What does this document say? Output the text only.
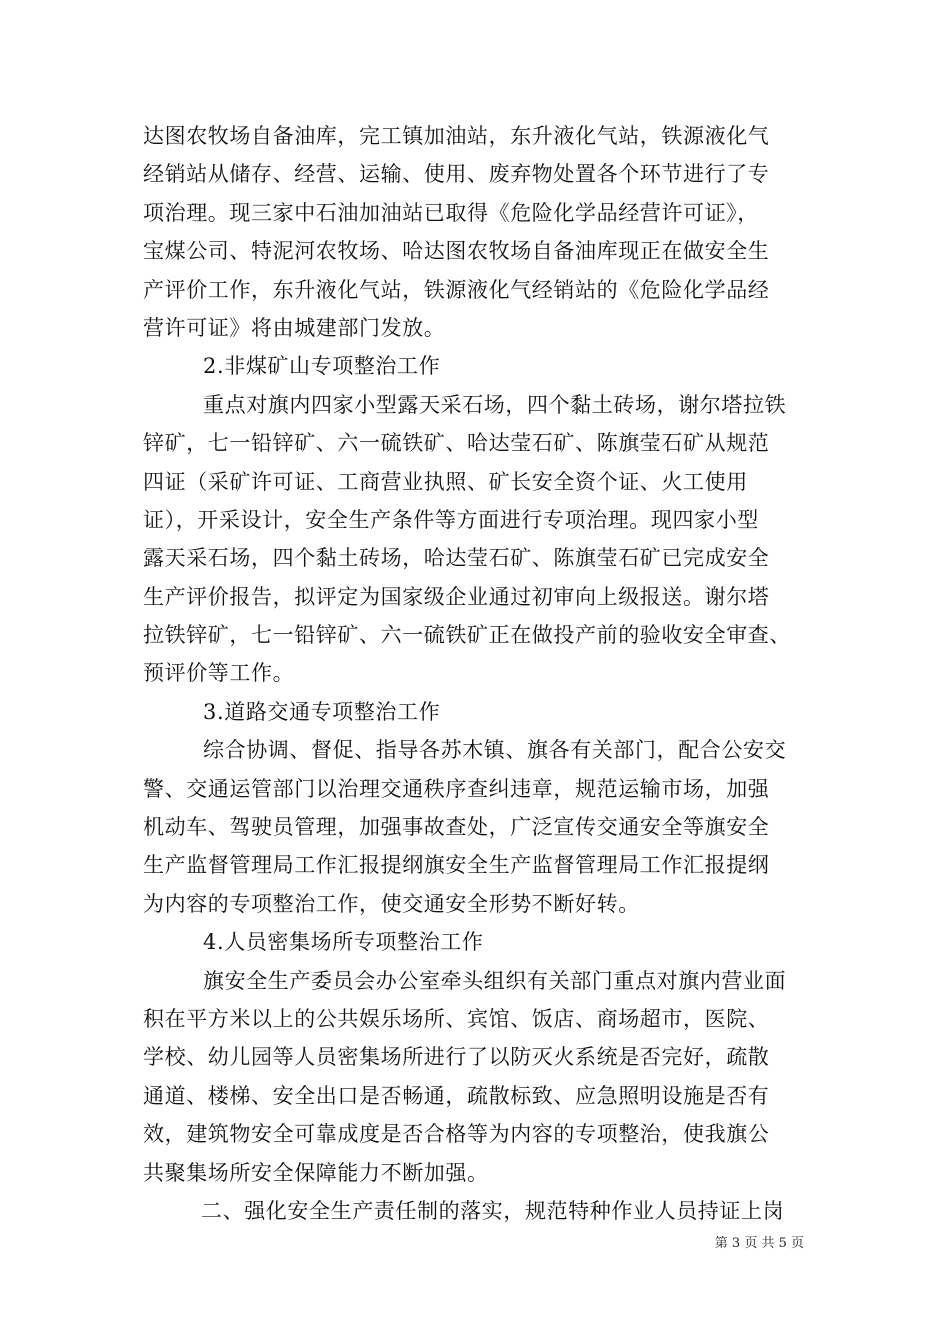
达图农牧场自备油库，完工镇加油站，东升液化气站，铁源液化气
经销站从储存、经营、运输、使用、废弃物处置各个环节进行了专
项治理。现三家中石油加油站已取得《危险化学品经营许可证》，
宝煤公司、特泥河农牧场、哈达图农牧场自备油库现正在做安全生
产评价工作，东升液化气站，铁源液化气经销站的《危险化学品经
营许可证》将由城建部门发放。
2.非煤矿山专项整治工作
重点对旗内四家小型露天采石场，四个黏土砖场，谢尔塔拉铁
锌矿，七一铅锌矿、六一硫铁矿、哈达莹石矿、陈旗莹石矿从规范
四证（采矿许可证、工商营业执照、矿长安全资个证、火工使用
证），开采设计，安全生产条件等方面进行专项治理。现四家小型
露天采石场，四个黏土砖场，哈达莹石矿、陈旗莹石矿已完成安全
生产评价报告，拟评定为国家级企业通过初审向上级报送。谢尔塔
拉铁锌矿，七一铅锌矿、六一硫铁矿正在做投产前的验收安全审查、
预评价等工作。
3.道路交通专项整治工作
综合协调、督促、指导各苏木镇、旗各有关部门，配合公安交
警、交通运管部门以治理交通秩序查纠违章，规范运输市场，加强
机动车、驾驶员管理，加强事故查处，广泛宣传交通安全等旗安全
生产监督管理局工作汇报提纲旗安全生产监督管理局工作汇报提纲
为内容的专项整治工作，使交通安全形势不断好转。
4.人员密集场所专项整治工作
旗安全生产委员会办公室牵头组织有关部门重点对旗内营业面
积在平方米以上的公共娱乐场所、宾馆、饭店、商场超市，医院、
学校、幼儿园等人员密集场所进行了以防灭火系统是否完好，疏散
通道、楼梯、安全出口是否畅通，疏散标致、应急照明设施是否有
效，建筑物安全可靠成度是否合格等为内容的专项整治，使我旗公
共聚集场所安全保障能力不断加强。
二、强化安全生产责任制的落实，规范特种作业人员持证上岗
第 3 页 共 5 页
